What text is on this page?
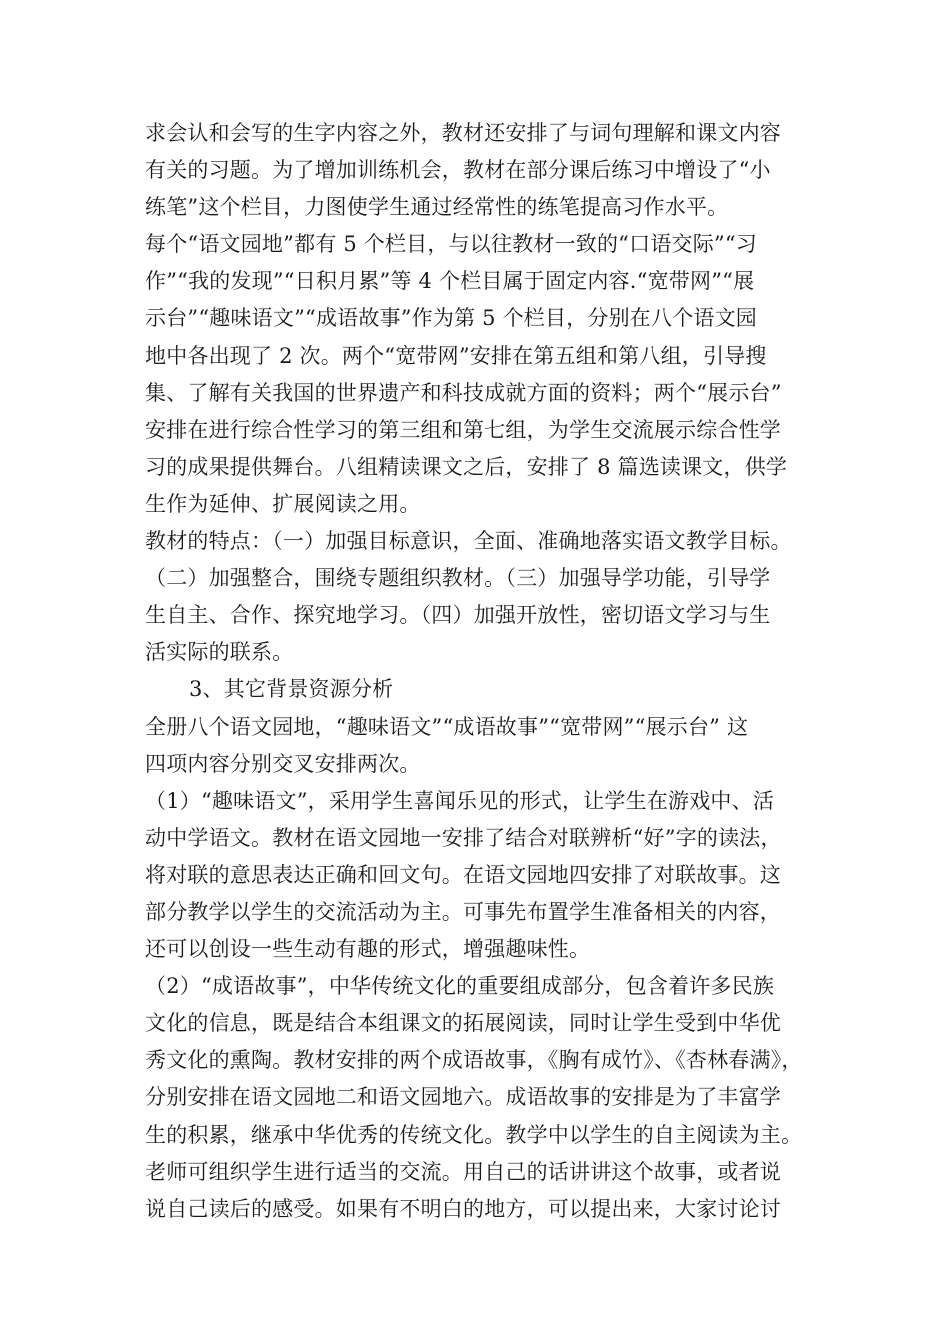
求会认和会写的生字内容之外，教材还安排了与词句理解和课文内容
有关的习题。为了增加训练机会，教材在部分课后练习中增设了“小
练笔”这个栏目，力图使学生通过经常性的练笔提高习作水平。
每个“语文园地”都有 5 个栏目，与以往教材一致的“口语交际”“习
作”“我的发现”“日积月累”等 4 个栏目属于固定内容.“宽带网”“展
示台”“趣味语文”“成语故事”作为第 5 个栏目，分别在八个语文园
地中各出现了 2 次。两个“宽带网”安排在第五组和第八组，引导搜
集、了解有关我国的世界遗产和科技成就方面的资料；两个“展示台”
安排在进行综合性学习的第三组和第七组，为学生交流展示综合性学
习的成果提供舞台。八组精读课文之后，安排了 8 篇选读课文，供学
生作为延伸、扩展阅读之用。
教材的特点：（一）加强目标意识，全面、准确地落实语文教学目标。
（二）加强整合，围绕专题组织教材。（三）加强导学功能，引导学
生自主、合作、探究地学习。（四）加强开放性，密切语文学习与生
活实际的联系。
3、其它背景资源分析
全册八个语文园地，“趣味语文”“成语故事”“宽带网”“展示台” 这
四项内容分别交叉安排两次。
（1）“趣味语文”，采用学生喜闻乐见的形式，让学生在游戏中、活
动中学语文。教材在语文园地一安排了结合对联辨析“好”字的读法，
将对联的意思表达正确和回文句。在语文园地四安排了对联故事。这
部分教学以学生的交流活动为主。可事先布置学生准备相关的内容，
还可以创设一些生动有趣的形式，增强趣味性。
（2）“成语故事”，中华传统文化的重要组成部分，包含着许多民族
文化的信息，既是结合本组课文的拓展阅读，同时让学生受到中华优
秀文化的熏陶。教材安排的两个成语故事，《胸有成竹》、《杏林春满》，
分别安排在语文园地二和语文园地六。成语故事的安排是为了丰富学
生的积累，继承中华优秀的传统文化。教学中以学生的自主阅读为主。
老师可组织学生进行适当的交流。用自己的话讲讲这个故事，或者说
说自己读后的感受。如果有不明白的地方，可以提出来，大家讨论讨
